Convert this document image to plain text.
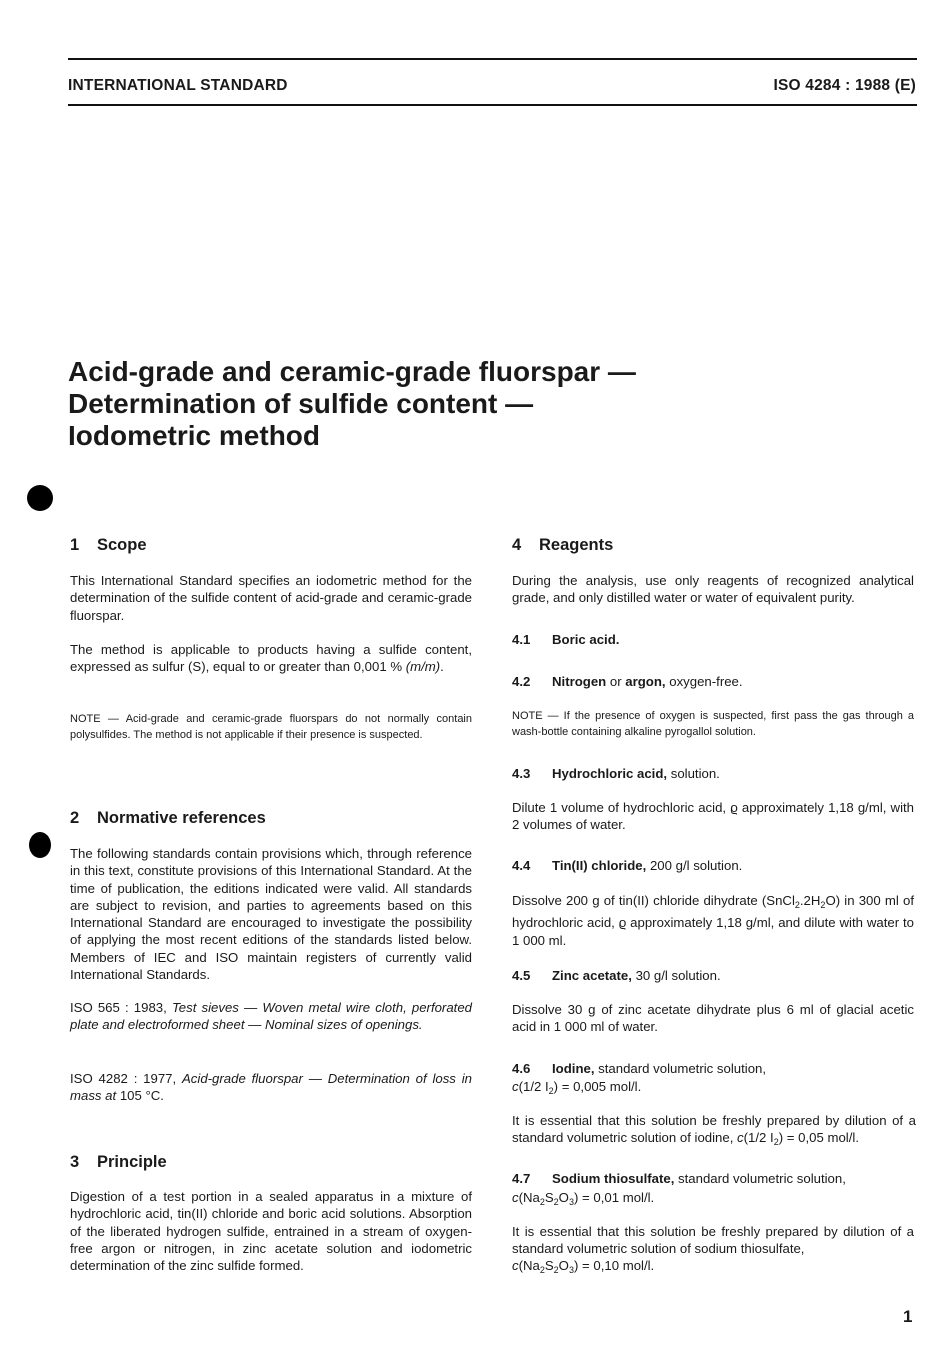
INTERNATIONAL STANDARD	ISO 4284 : 1988 (E)
Acid-grade and ceramic-grade fluorspar —
Determination of sulfide content —
Iodometric method
1 Scope

This International Standard specifies an iodometric method for the determination of the sulfide content of acid-grade and ceramic-grade fluorspar.

The method is applicable to products having a sulfide content, expressed as sulfur (S), equal to or greater than 0,001 % (m/m).

NOTE — Acid-grade and ceramic-grade fluorspars do not normally contain polysulfides. The method is not applicable if their presence is suspected.

2 Normative references

The following standards contain provisions which, through reference in this text, constitute provisions of this International Standard. At the time of publication, the editions indicated were valid. All standards are subject to revision, and parties to agreements based on this International Standard are encouraged to investigate the possibility of applying the most recent editions of the standards listed below. Members of IEC and ISO maintain registers of currently valid International Standards.

ISO 565 : 1983, Test sieves — Woven metal wire cloth, perforated plate and electroformed sheet — Nominal sizes of openings.

ISO 4282 : 1977, Acid-grade fluorspar — Determination of loss in mass at 105 °C.

3 Principle

Digestion of a test portion in a sealed apparatus in a mixture of hydrochloric acid, tin(II) chloride and boric acid solutions. Absorption of the liberated hydrogen sulfide, entrained in a stream of oxygen-free argon or nitrogen, in zinc acetate solution and iodometric determination of the zinc sulfide formed.

4 Reagents

During the analysis, use only reagents of recognized analytical grade, and only distilled water or water of equivalent purity.

4.1 Boric acid.

4.2 Nitrogen or argon, oxygen-free.

NOTE — If the presence of oxygen is suspected, first pass the gas through a wash-bottle containing alkaline pyrogallol solution.

4.3 Hydrochloric acid, solution.

Dilute 1 volume of hydrochloric acid, ϱ approximately 1,18 g/ml, with 2 volumes of water.

4.4 Tin(II) chloride, 200 g/l solution.

Dissolve 200 g of tin(II) chloride dihydrate $(SnCl_2.2H_2O)$ in 300 ml of hydrochloric acid, ϱ approximately 1,18 g/ml, and dilute with water to 1 000 ml.

4.5 Zinc acetate, 30 g/l solution.

Dissolve 30 g of zinc acetate dihydrate plus 6 ml of glacial acetic acid in 1 000 ml of water.

4.6 Iodine, standard volumetric solution,

c(1/2 $I_2) = 0,005$ mol/l.

It is essential that this solution be freshly prepared by dilution of a standard volumetric solution of iodine, c(1/2 $I_2) = 0,05$ mol/l.

4.7 Sodium thiosulfate, standard volumetric solution,

$c(Na_2S_2O_3) = 0,01$ mol/l.

It is essential that this solution be freshly prepared by dilution of a standard volumetric solution of sodium thiosulfate,

$c(Na_2S_2O_3) = 0,10$ mol/l.

1
